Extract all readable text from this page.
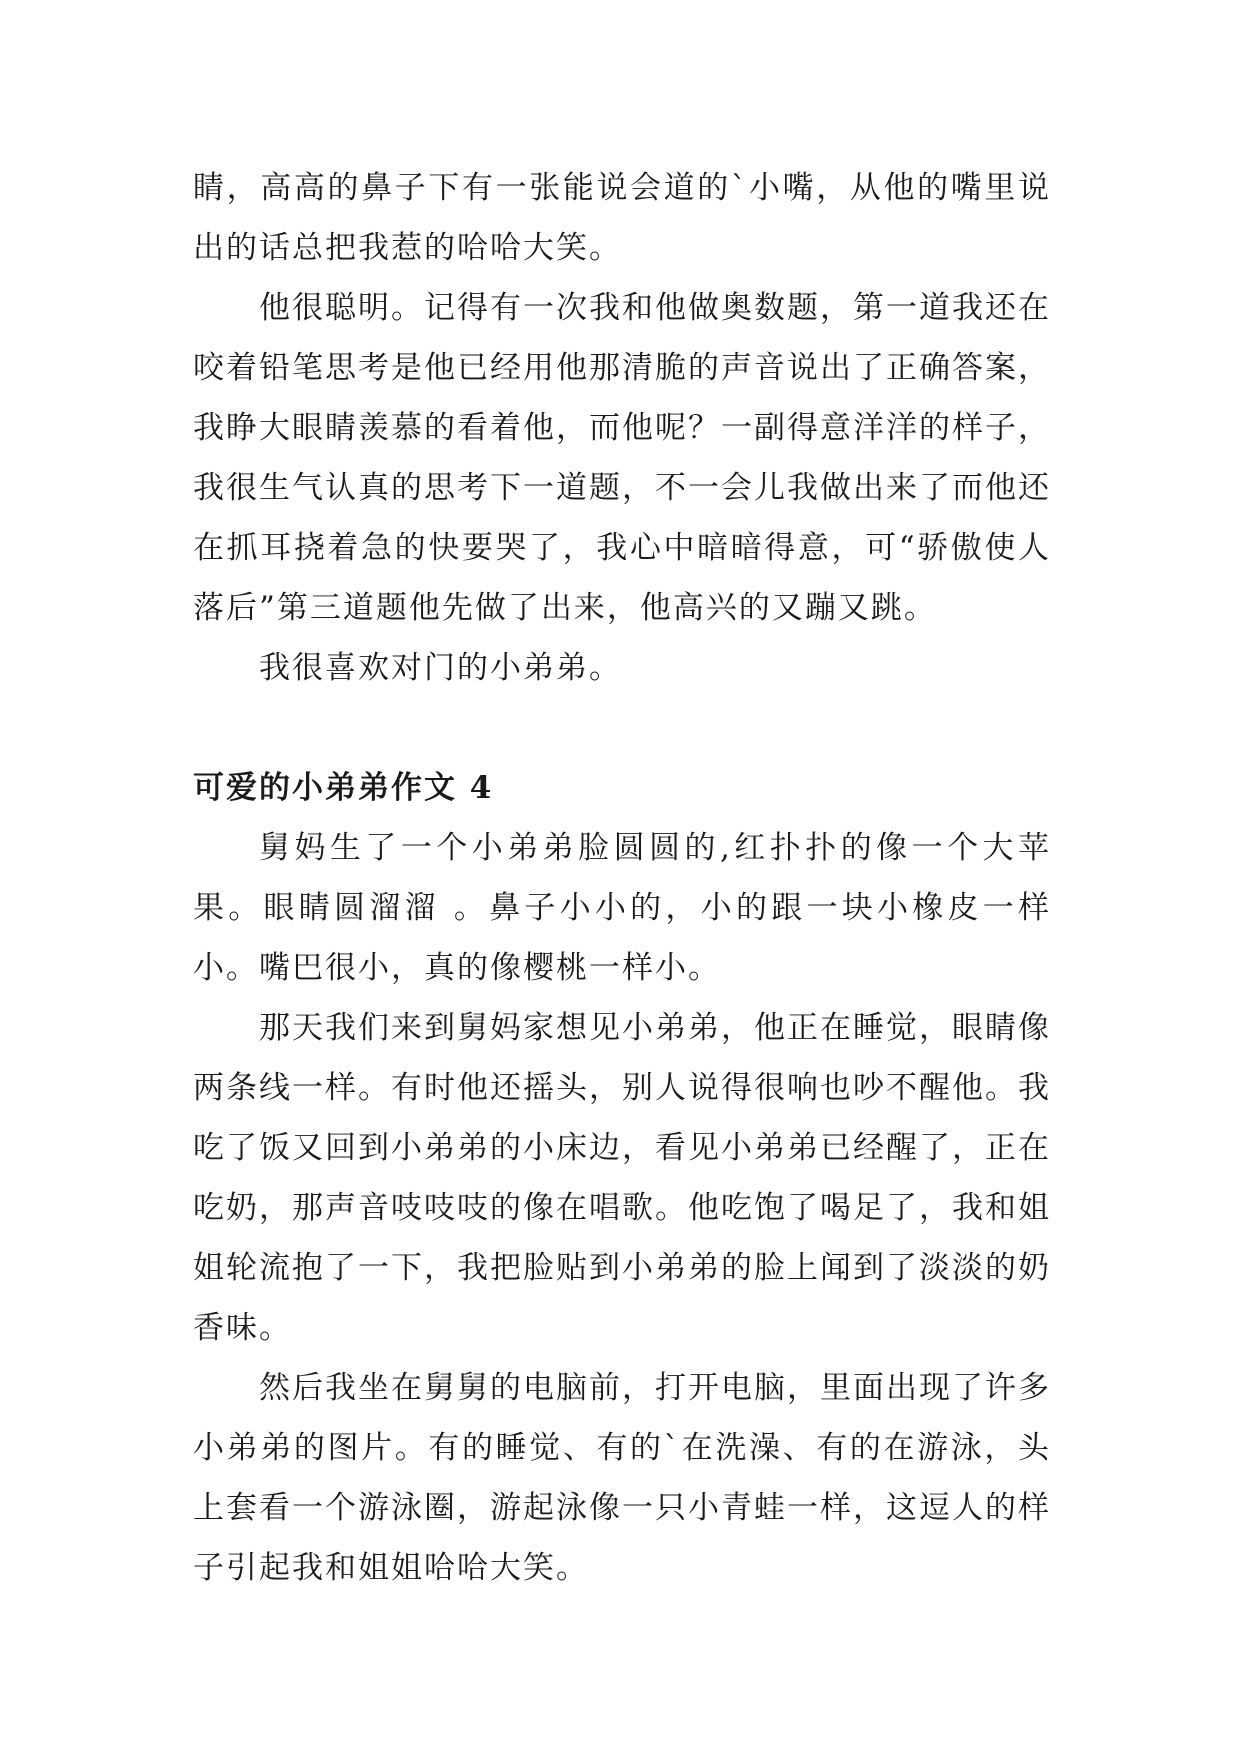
睛，高高的鼻子下有一张能说会道的`小嘴，从他的嘴里说出的话总把我惹的哈哈大笑。

他很聪明。记得有一次我和他做奥数题，第一道我还在咬着铅笔思考是他已经用他那清脆的声音说出了正确答案，我睁大眼睛羡慕的看着他，而他呢？一副得意洋洋的样子，我很生气认真的思考下一道题，不一会儿我做出来了而他还在抓耳挠着急的快要哭了，我心中暗暗得意，可“骄傲使人落后”第三道题他先做了出来，他高兴的又蹦又跳。

我很喜欢对门的小弟弟。

可爱的小弟弟作文 4

舅妈生了一个小弟弟脸圆圆的,红扑扑的像一个大苹果。眼睛圆溜溜 。鼻子小小的，小的跟一块小橡皮一样小。嘴巴很小，真的像樱桃一样小。

那天我们来到舅妈家想见小弟弟，他正在睡觉，眼睛像两条线一样。有时他还摇头，别人说得很响也吵不醒他。我吃了饭又回到小弟弟的小床边，看见小弟弟已经醒了，正在吃奶，那声音吱吱吱的像在唱歌。他吃饱了喝足了，我和姐姐轮流抱了一下，我把脸贴到小弟弟的脸上闻到了淡淡的奶香味。

然后我坐在舅舅的电脑前，打开电脑，里面出现了许多小弟弟的图片。有的睡觉、有的`在洗澡、有的在游泳，头上套看一个游泳圈，游起泳像一只小青蛙一样，这逗人的样子引起我和姐姐哈哈大笑。
